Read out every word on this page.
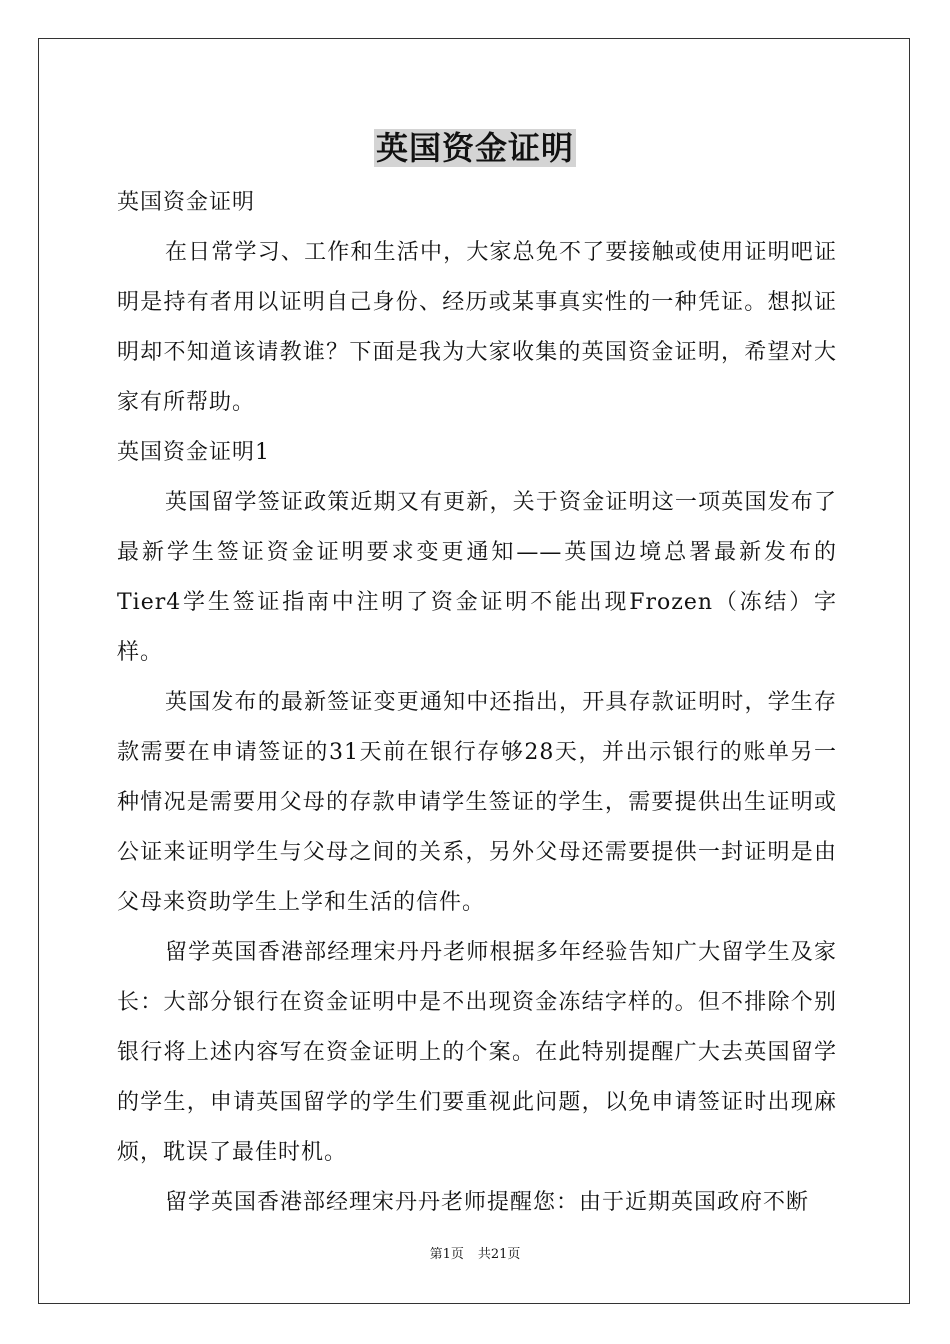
英国资金证明

英国资金证明

在日常学习、工作和生活中，大家总免不了要接触或使用证明吧证明是持有者用以证明自己身份、经历或某事真实性的一种凭证。想拟证明却不知道该请教谁？下面是我为大家收集的英国资金证明，希望对大家有所帮助。

英国资金证明1

英国留学签证政策近期又有更新，关于资金证明这一项英国发布了最新学生签证资金证明要求变更通知——英国边境总署最新发布的Tier4学生签证指南中注明了资金证明不能出现Frozen（冻结）字样。

英国发布的最新签证变更通知中还指出，开具存款证明时，学生存款需要在申请签证的31天前在银行存够28天，并出示银行的账单另一种情况是需要用父母的存款申请学生签证的学生，需要提供出生证明或公证来证明学生与父母之间的关系，另外父母还需要提供一封证明是由父母来资助学生上学和生活的信件。

留学英国香港部经理宋丹丹老师根据多年经验告知广大留学生及家长：大部分银行在资金证明中是不出现资金冻结字样的。但不排除个别银行将上述内容写在资金证明上的个案。在此特别提醒广大去英国留学的学生，申请英国留学的学生们要重视此问题，以免申请签证时出现麻烦，耽误了最佳时机。

留学英国香港部经理宋丹丹老师提醒您：由于近期英国政府不断

第1页 共21页
